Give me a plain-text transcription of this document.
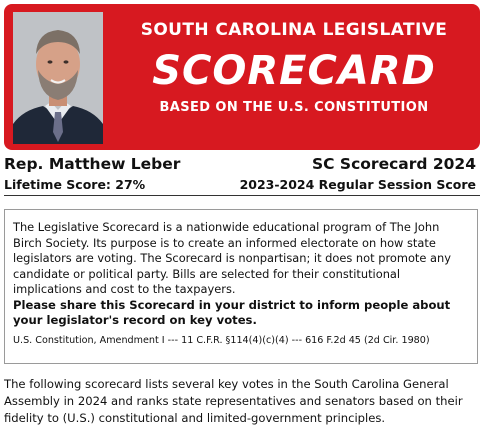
SOUTH CAROLINA LEGISLATIVE
SCORECARD
BASED ON THE U.S. CONSTITUTION
Rep. Matthew Leber	SC Scorecard 2024
Lifetime Score: 27%	2023-2024 Regular Session Score

The Legislative Scorecard is a nationwide educational program of The John Birch Society. Its purpose is to create an informed electorate on how state legislators are voting. The Scorecard is nonpartisan; it does not promote any candidate or political party. Bills are selected for their constitutional implications and cost to the taxpayers.

Please share this Scorecard in your district to inform people about your legislator's record on key votes.

U.S. Constitution, Amendment I --- 11 C.F.R. §114(4)(c)(4) --- 616 F.2d 45 (2d Cir. 1980)

The following scorecard lists several key votes in the South Carolina General Assembly in 2024 and ranks state representatives and senators based on their fidelity to (U.S.) constitutional and limited-government principles.
